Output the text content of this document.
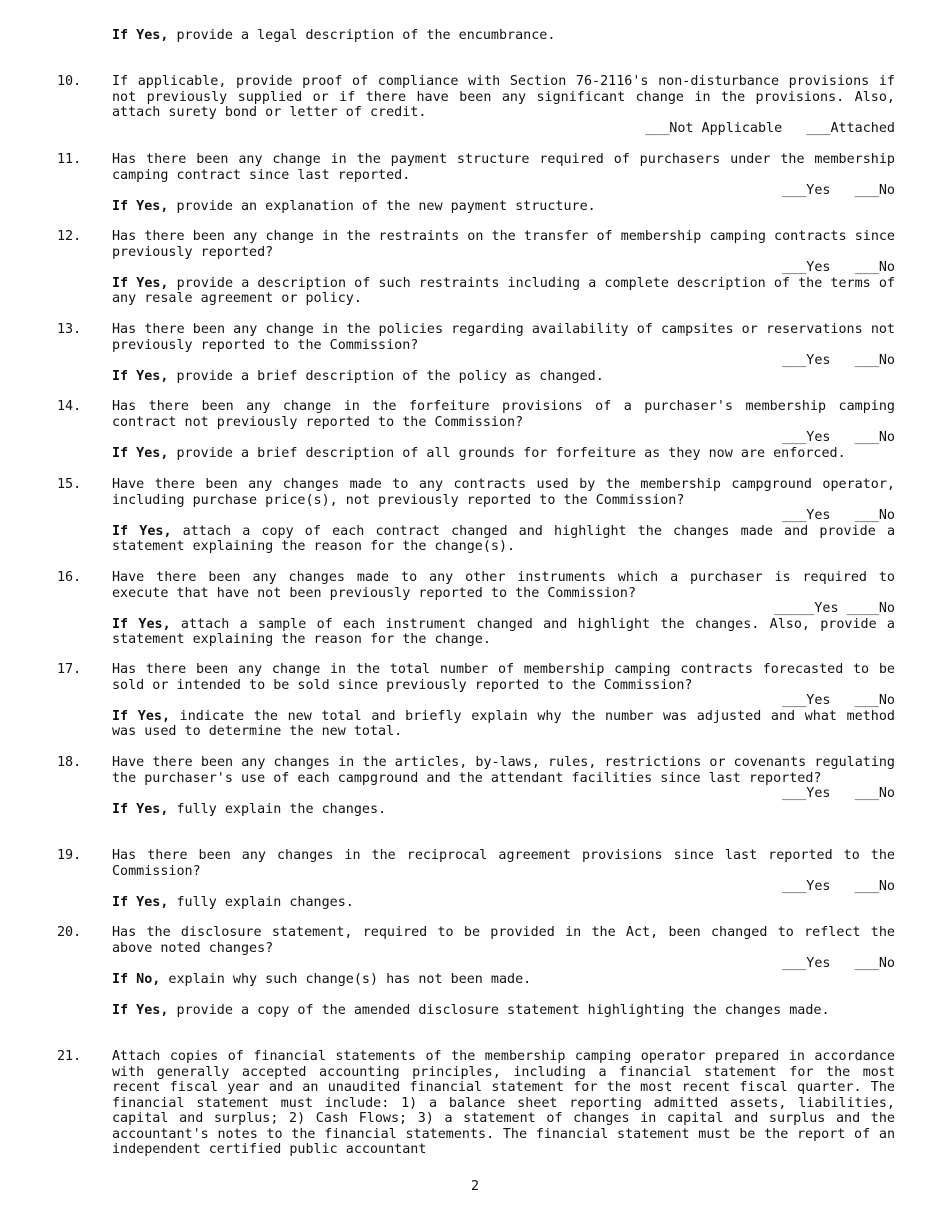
If Yes, provide a legal description of the encumbrance.
10.	If applicable, provide proof of compliance with Section 76-2116's non-disturbance provisions if not previously supplied or if there have been any significant change in the provisions. Also, attach surety bond or letter of credit.
___Not Applicable   ___Attached
11.	Has there been any change in the payment structure required of purchasers under the membership camping contract since last reported.
___Yes   ___No
If Yes, provide an explanation of the new payment structure.
12.	Has there been any change in the restraints on the transfer of membership camping contracts since previously reported?
___Yes   ___No
If Yes, provide a description of such restraints including a complete description of the terms of any resale agreement or policy.
13.	Has there been any change in the policies regarding availability of campsites or reservations not previously reported to the Commission?
___Yes   ___No
If Yes, provide a brief description of the policy as changed.
14.	Has there been any change in the forfeiture provisions of a purchaser's membership camping contract not previously reported to the Commission?
___Yes   ___No
If Yes, provide a brief description of all grounds for forfeiture as they now are enforced.
15.	Have there been any changes made to any contracts used by the membership campground operator, including purchase price(s), not previously reported to the Commission?
___Yes   ___No
If Yes, attach a copy of each contract changed and highlight the changes made and provide a statement explaining the reason for the change(s).
16.	Have there been any changes made to any other instruments which a purchaser is required to execute that have not been previously reported to the Commission?
_____Yes ____No
If Yes, attach a sample of each instrument changed and highlight the changes. Also, provide a statement explaining the reason for the change.
17.	Has there been any change in the total number of membership camping contracts forecasted to be sold or intended to be sold since previously reported to the Commission?
___Yes   ___No
If Yes, indicate the new total and briefly explain why the number was adjusted and what method was used to determine the new total.
18.	Have there been any changes in the articles, by-laws, rules, restrictions or covenants regulating the purchaser's use of each campground and the attendant facilities since last reported?
___Yes   ___No
If Yes, fully explain the changes.
19.	Has there been any changes in the reciprocal agreement provisions since last reported to the Commission?
___Yes   ___No
If Yes, fully explain changes.
20.	Has the disclosure statement, required to be provided in the Act, been changed to reflect the above noted changes?
___Yes   ___No
If No, explain why such change(s) has not been made.
If Yes, provide a copy of the amended disclosure statement highlighting the changes made.
21.	Attach copies of financial statements of the membership camping operator prepared in accordance with generally accepted accounting principles, including a financial statement for the most recent fiscal year and an unaudited financial statement for the most recent fiscal quarter. The financial statement must include: 1) a balance sheet reporting admitted assets, liabilities, capital and surplus; 2) Cash Flows; 3) a statement of changes in capital and surplus and the accountant's notes to the financial statements. The financial statement must be the report of an independent certified public accountant
2
